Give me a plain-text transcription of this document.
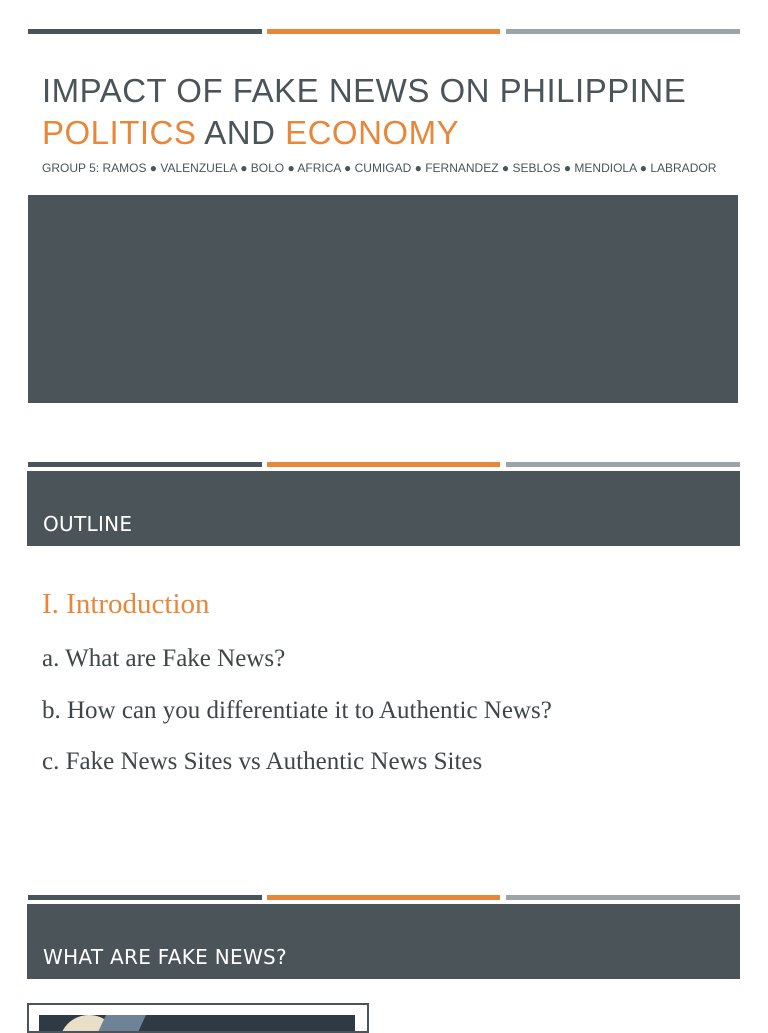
IMPACT OF FAKE NEWS ON PHILIPPINE
POLITICS AND ECONOMY
GROUP 5: RAMOS ● VALENZUELA ● BOLO ● AFRICA ● CUMIGAD ● FERNANDEZ ● SEBLOS ● MENDIOLA ● LABRADOR
OUTLINE
I. Introduction
a. What are Fake News?
b. How can you differentiate it to Authentic News?
c. Fake News Sites vs Authentic News Sites
WHAT ARE FAKE NEWS?
